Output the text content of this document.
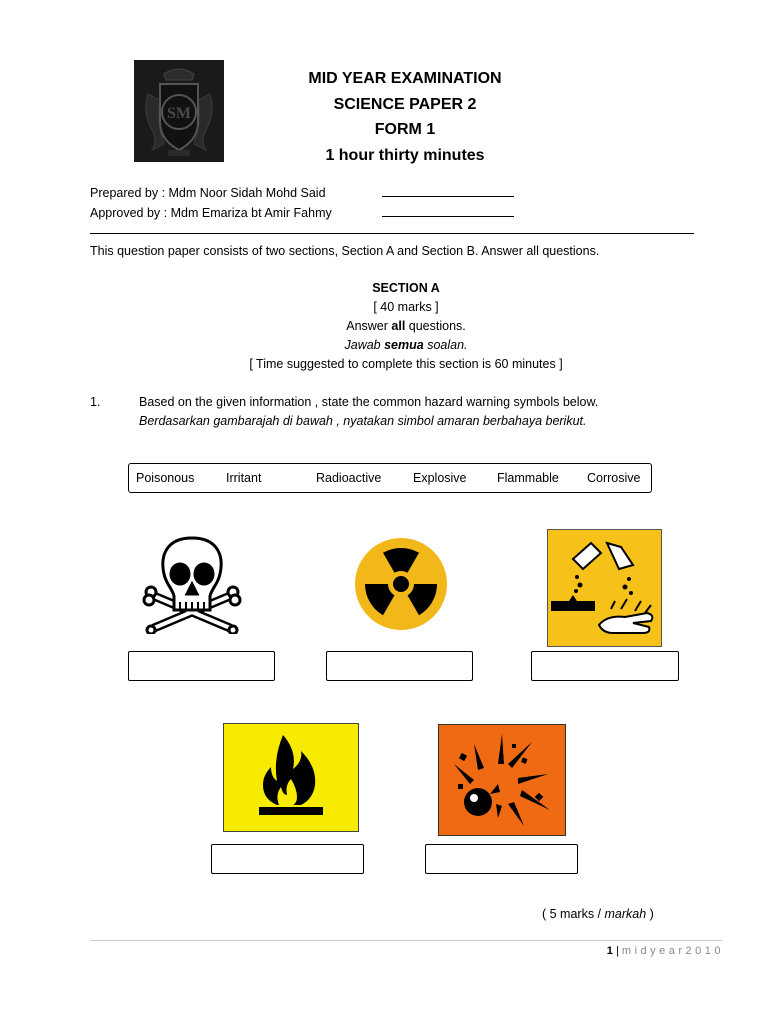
SM
MID YEAR EXAMINATION
SCIENCE PAPER 2
FORM 1
1 hour thirty minutes
Prepared by : Mdm Noor Sidah Mohd Said
Approved by : Mdm Emariza bt Amir Fahmy
This question paper consists of two sections, Section A and Section B. Answer all questions.
SECTION A
[ 40 marks ]
Answer all questions.
Jawab semua soalan.
[ Time suggested to complete this section is 60 minutes ]
1.	Based on the given information , state the common hazard warning symbols below.
Berdasarkan gambarajah di bawah , nyatakan simbol amaran berbahaya berikut.
Poisonous	Irritant	Radioactive	Explosive Flammable Corrosive
( 5 marks / markah )
1 | midyear2010
